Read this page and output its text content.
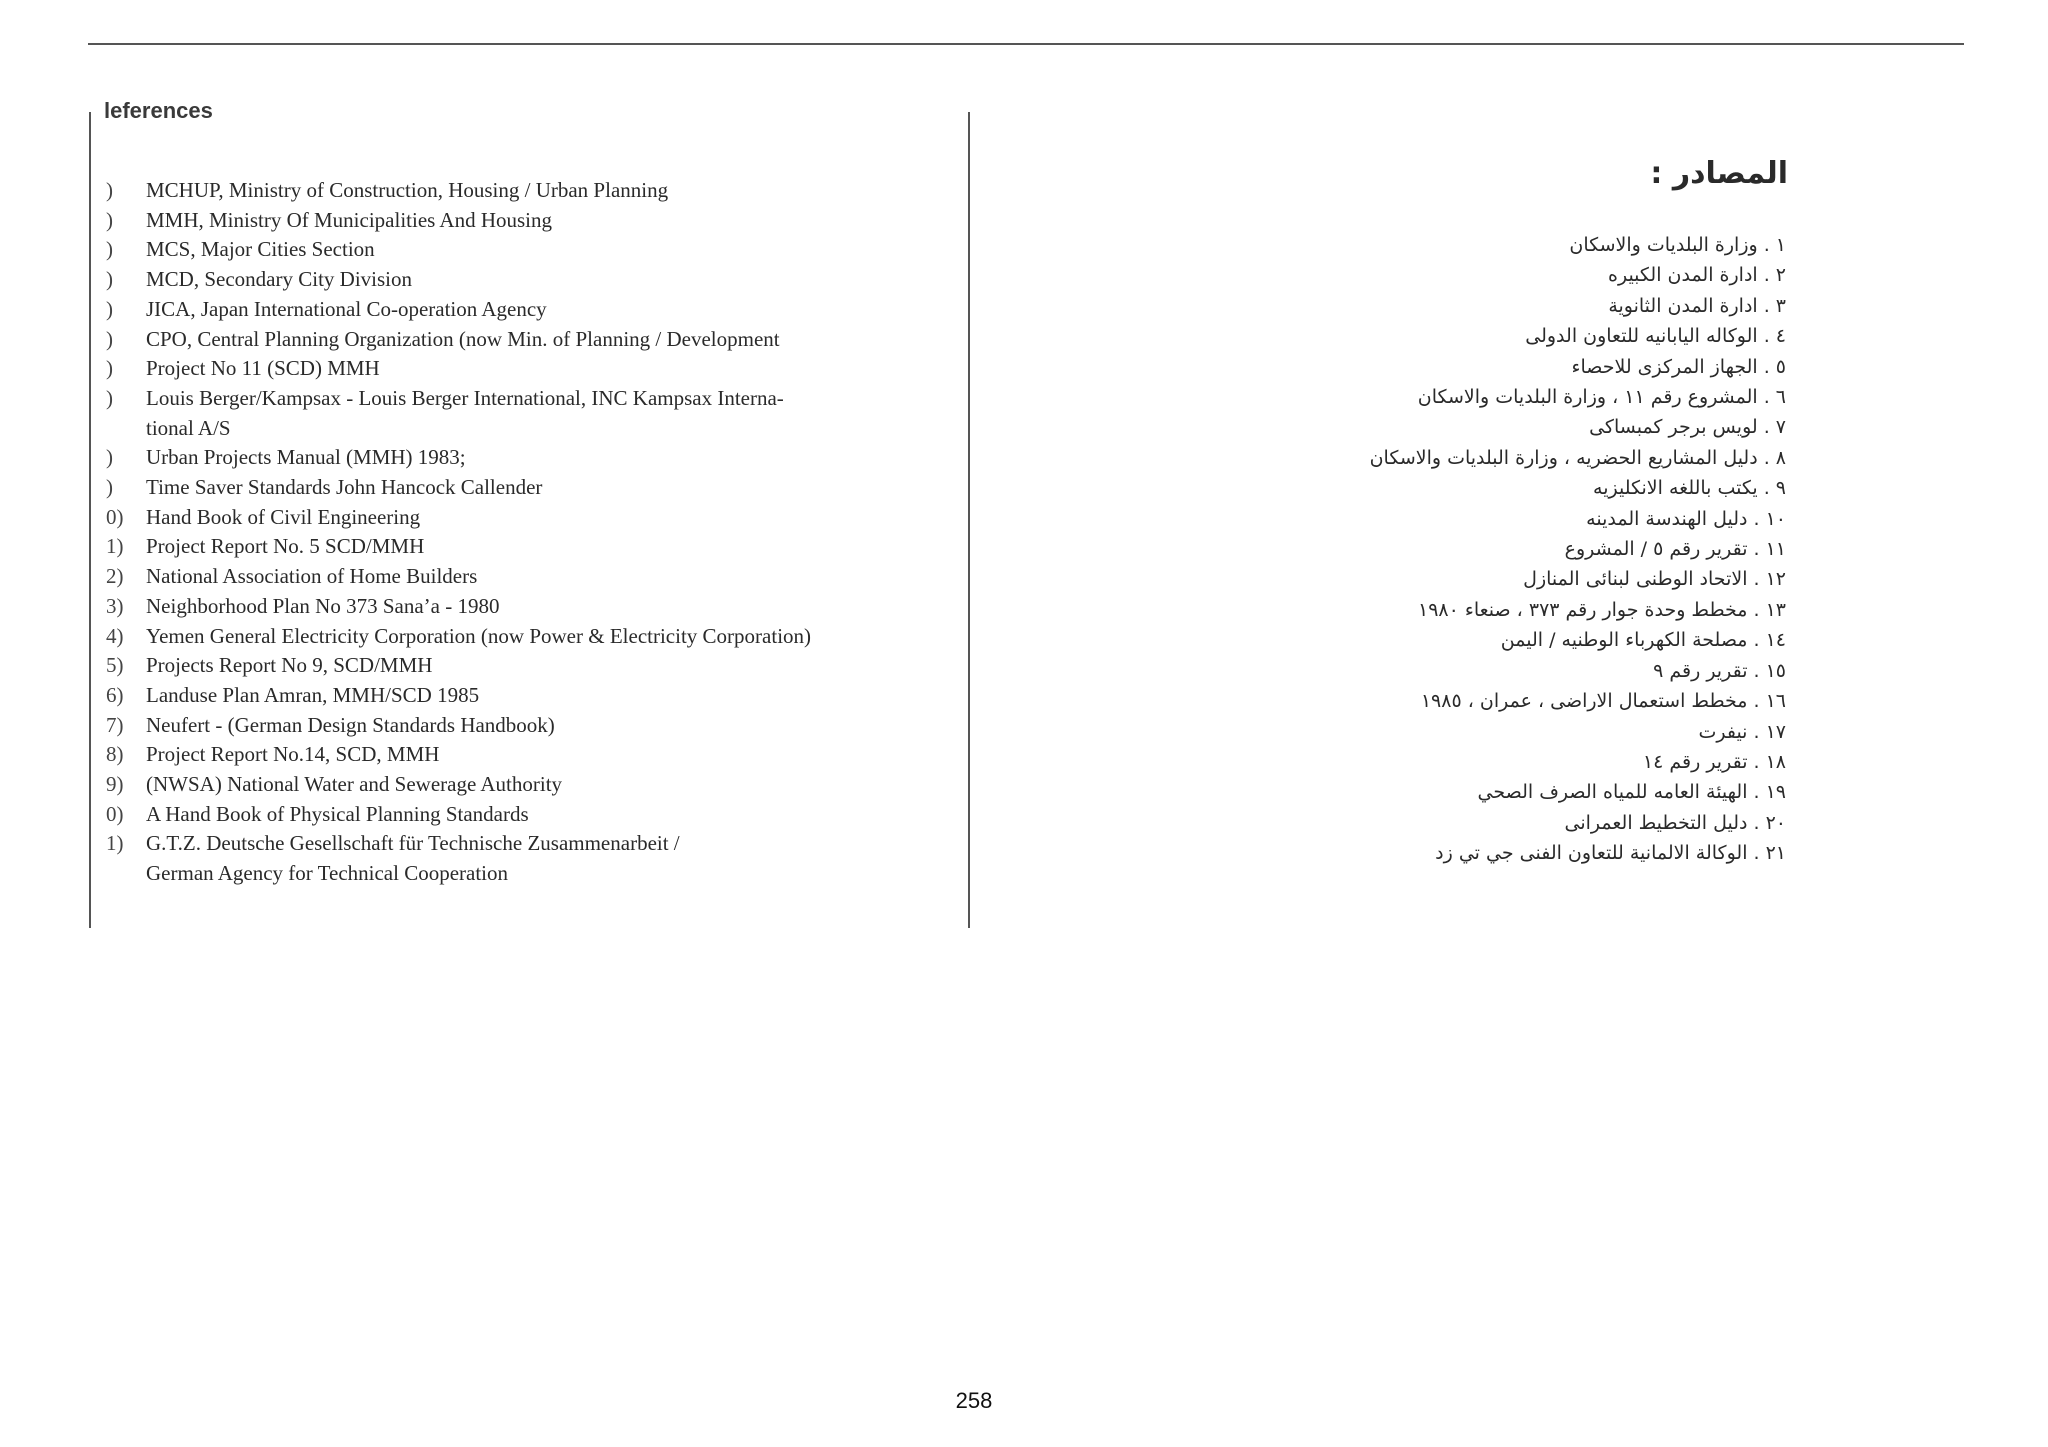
leferences
)	MCHUP, Ministry of Construction, Housing / Urban Planning
)	MMH, Ministry Of Municipalities And Housing
)	MCS, Major Cities Section
)	MCD, Secondary City Division
)	JICA, Japan International Co-operation Agency
)	CPO, Central Planning Organization (now Min. of Planning / Development
)	Project No 11 (SCD) MMH
)	Louis Berger/Kampsax - Louis Berger International, INC Kampsax Interna-
tional A/S
)	Urban Projects Manual (MMH) 1983;
)	Time Saver Standards John Hancock Callender
0)	Hand Book of Civil Engineering
1)	Project Report No. 5 SCD/MMH
2)	National Association of Home Builders
3)	Neighborhood Plan No 373 Sana’a - 1980
4)	Yemen General Electricity Corporation (now Power & Electricity Corporation)
5)	Projects Report No 9, SCD/MMH
6)	Landuse Plan Amran, MMH/SCD 1985
7)	Neufert - (German Design Standards Handbook)
8)	Project Report No.14, SCD, MMH
9)	(NWSA) National Water and Sewerage Authority
0)	A Hand Book of Physical Planning Standards
1)	G.T.Z. Deutsche Gesellschaft für Technische Zusammenarbeit /
German Agency for Technical Cooperation
المصادر :
١ .وزارة البلديات والاسكان
٢ .ادارة المدن الكبيره
٣ .ادارة المدن الثانوية
٤ .الوكاله اليابانيه للتعاون الدولى
٥ .الجهاز المركزى للاحصاء
٦ .المشروع رقم ١١ ، وزارة البلديات والاسكان
٧ .لويس برجر كمبساكى
٨ .دليل المشاريع الحضريه ، وزارة البلديات والاسكان
٩ .يكتب باللغه الانكليزيه
١٠ .دليل الهندسة المدينه
١١ .تقرير رقم ٥ / المشروع
١٢ .الاتحاد الوطنى لبنائى المنازل
١٣ .مخطط وحدة جوار رقم ٣٧٣ ، صنعاء ١٩٨٠
١٤ .مصلحة الكهرباء الوطنيه / اليمن
١٥ .تقرير رقم ٩
١٦ .مخطط استعمال الاراضى ، عمران ، ١٩٨٥
١٧ .نيفرت
١٨ .تقرير رقم ١٤
١٩ .الهيئة العامه للمياه الصرف الصحي
٢٠ .دليل التخطيط العمرانى
٢١ .الوكالة الالمانية للتعاون الفنى جي تي زد
258
